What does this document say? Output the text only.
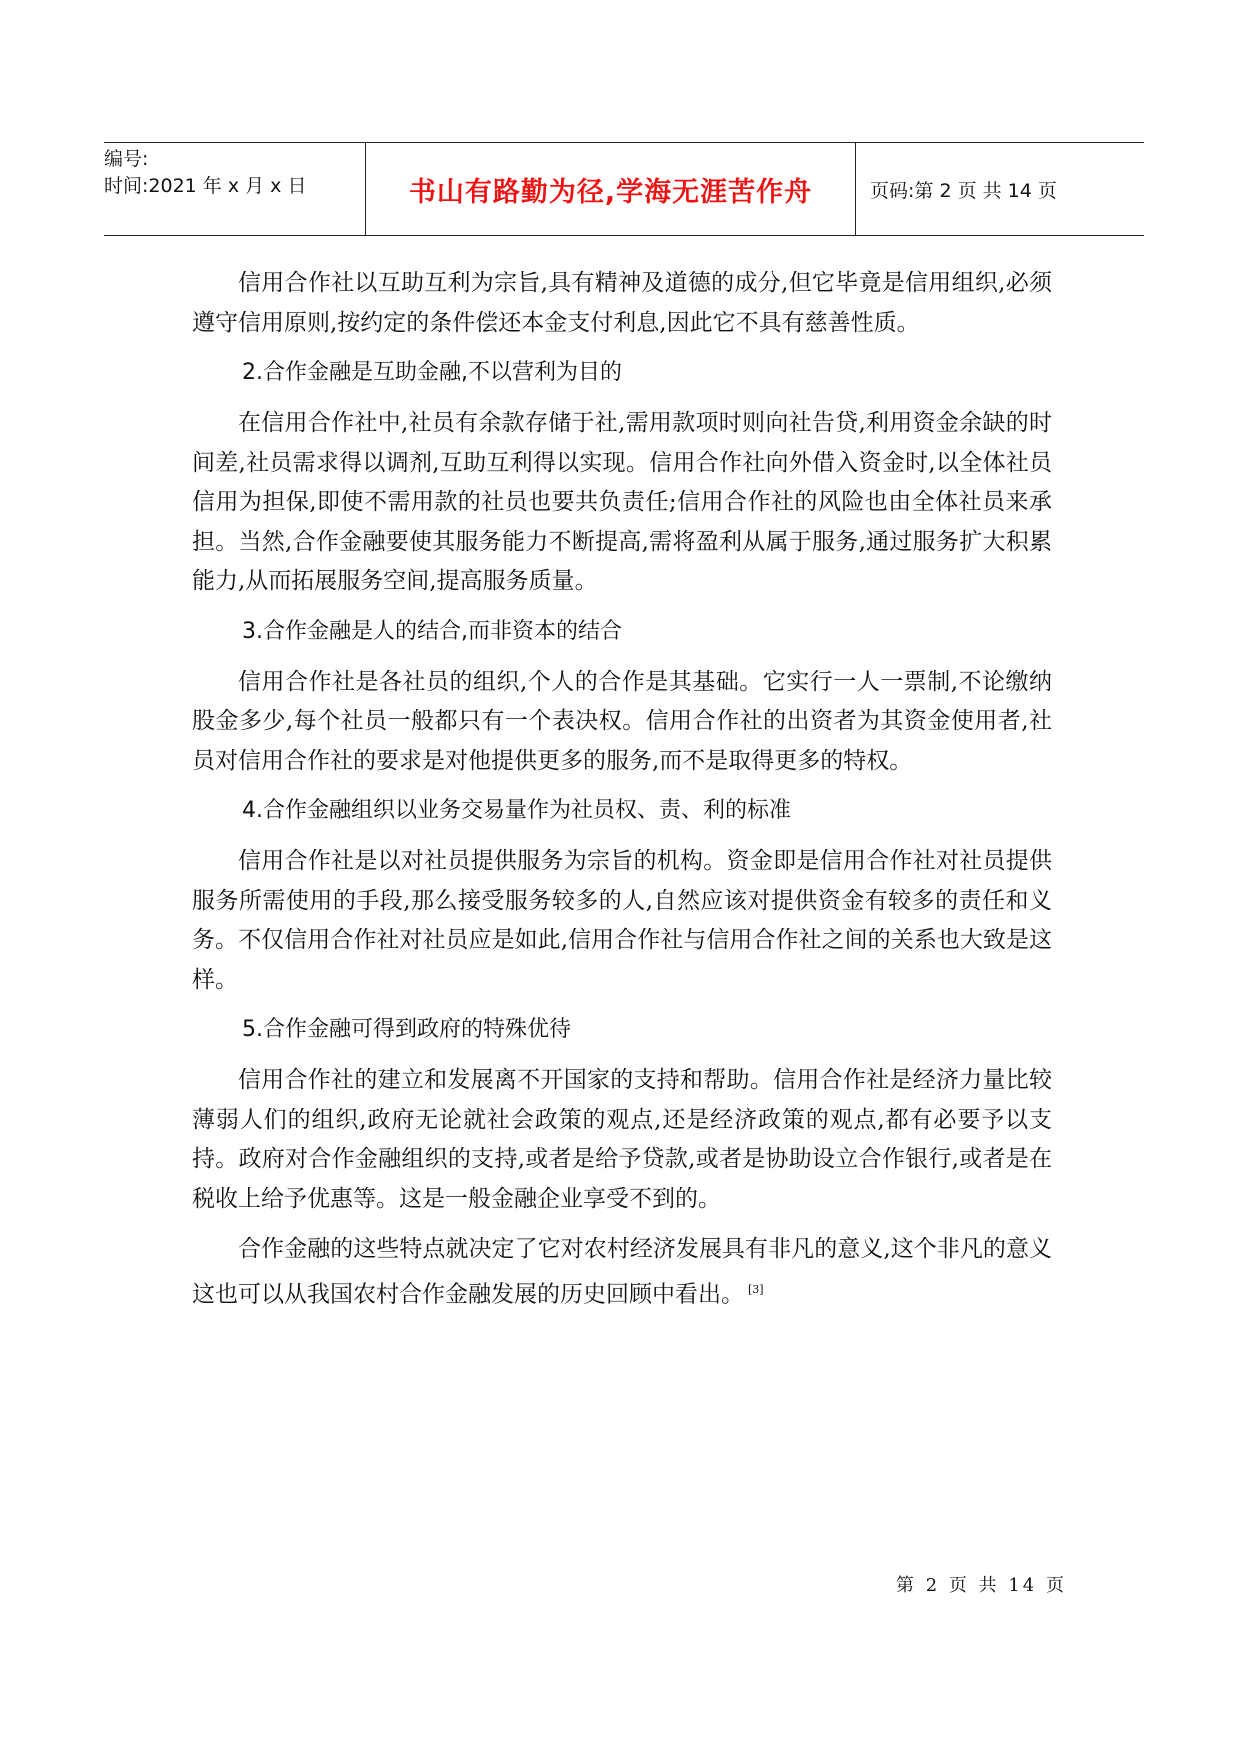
编号:
时间:2021 年 x 月 x 日	书山有路勤为径,学海无涯苦作舟	页码:第 2 页 共 14 页

信用合作社以互助互利为宗旨,具有精神及道德的成分,但它毕竟是信用组织,必须遵守信用原则,按约定的条件偿还本金支付利息,因此它不具有慈善性质。

2.合作金融是互助金融,不以营利为目的

在信用合作社中,社员有余款存储于社,需用款项时则向社告贷,利用资金余缺的时间差,社员需求得以调剂,互助互利得以实现。信用合作社向外借入资金时,以全体社员信用为担保,即使不需用款的社员也要共负责任;信用合作社的风险也由全体社员来承担。当然,合作金融要使其服务能力不断提高,需将盈利从属于服务,通过服务扩大积累能力,从而拓展服务空间,提高服务质量。

3.合作金融是人的结合,而非资本的结合

信用合作社是各社员的组织,个人的合作是其基础。它实行一人一票制,不论缴纳股金多少,每个社员一般都只有一个表决权。信用合作社的出资者为其资金使用者,社员对信用合作社的要求是对他提供更多的服务,而不是取得更多的特权。

4.合作金融组织以业务交易量作为社员权、责、利的标准

信用合作社是以对社员提供服务为宗旨的机构。资金即是信用合作社对社员提供服务所需使用的手段,那么接受服务较多的人,自然应该对提供资金有较多的责任和义务。不仅信用合作社对社员应是如此,信用合作社与信用合作社之间的关系也大致是这样。

5.合作金融可得到政府的特殊优待

信用合作社的建立和发展离不开国家的支持和帮助。信用合作社是经济力量比较薄弱人们的组织,政府无论就社会政策的观点,还是经济政策的观点,都有必要予以支持。政府对合作金融组织的支持,或者是给予贷款,或者是协助设立合作银行,或者是在税收上给予优惠等。这是一般金融企业享受不到的。

合作金融的这些特点就决定了它对农村经济发展具有非凡的意义,这个非凡的意义这也可以从我国农村合作金融发展的历史回顾中看出。 [3]

第 2 页 共 14 页
